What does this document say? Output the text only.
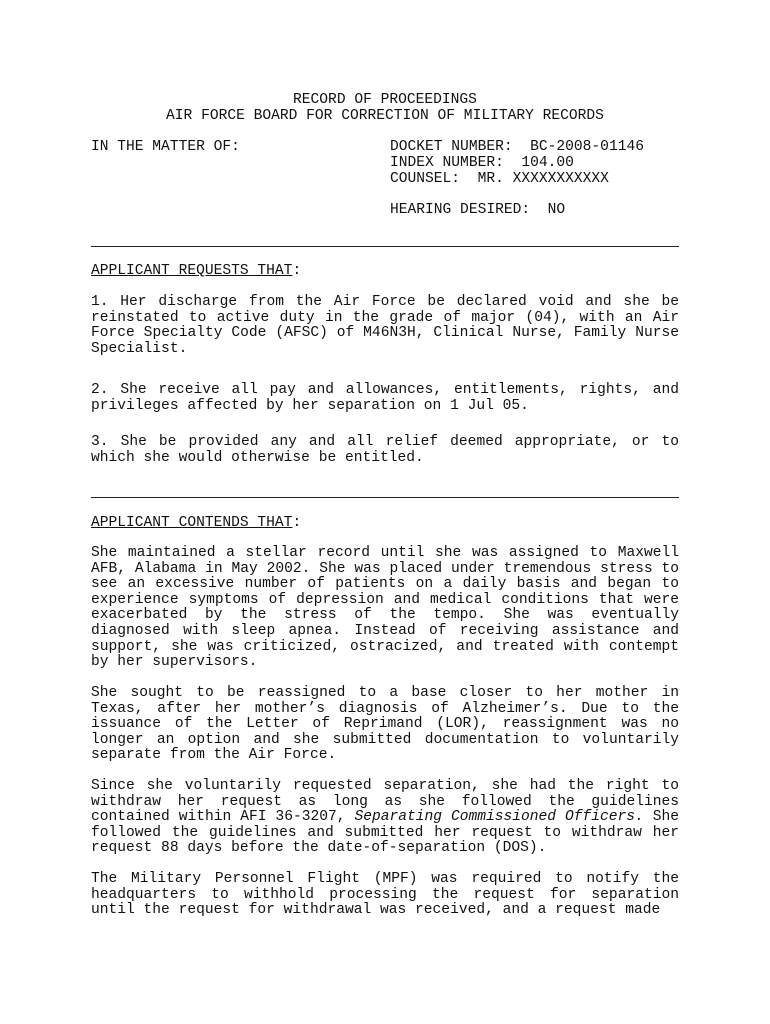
RECORD OF PROCEEDINGS
AIR FORCE BOARD FOR CORRECTION OF MILITARY RECORDS
IN THE MATTER OF:	DOCKET NUMBER:  BC-2008-01146
INDEX NUMBER:  104.00
COUNSEL:  MR. XXXXXXXXXXX
HEARING DESIRED:  NO
APPLICANT REQUESTS THAT:

1. Her discharge from the Air Force be declared void and she be reinstated to active duty in the grade of major (04), with an Air Force Specialty Code (AFSC) of M46N3H, Clinical Nurse, Family Nurse Specialist.

2. She receive all pay and allowances, entitlements, rights, and privileges affected by her separation on 1 Jul 05.

3. She be provided any and all relief deemed appropriate, or to which she would otherwise be entitled.

APPLICANT CONTENDS THAT:

She maintained a stellar record until she was assigned to Maxwell AFB, Alabama in May 2002. She was placed under tremendous stress to see an excessive number of patients on a daily basis and began to experience symptoms of depression and medical conditions that were exacerbated by the stress of the tempo. She was eventually diagnosed with sleep apnea. Instead of receiving assistance and support, she was criticized, ostracized, and treated with contempt by her supervisors.

She sought to be reassigned to a base closer to her mother in Texas, after her mother’s diagnosis of Alzheimer’s. Due to the issuance of the Letter of Reprimand (LOR), reassignment was no longer an option and she submitted documentation to voluntarily separate from the Air Force.

Since she voluntarily requested separation, she had the right to withdraw her request as long as she followed the guidelines contained within AFI 36-3207, Separating Commissioned Officers. She followed the guidelines and submitted her request to withdraw her request 88 days before the date-of-separation (DOS).

The Military Personnel Flight (MPF) was required to notify the headquarters to withhold processing the request for separation until the request for withdrawal was received, and a request made
